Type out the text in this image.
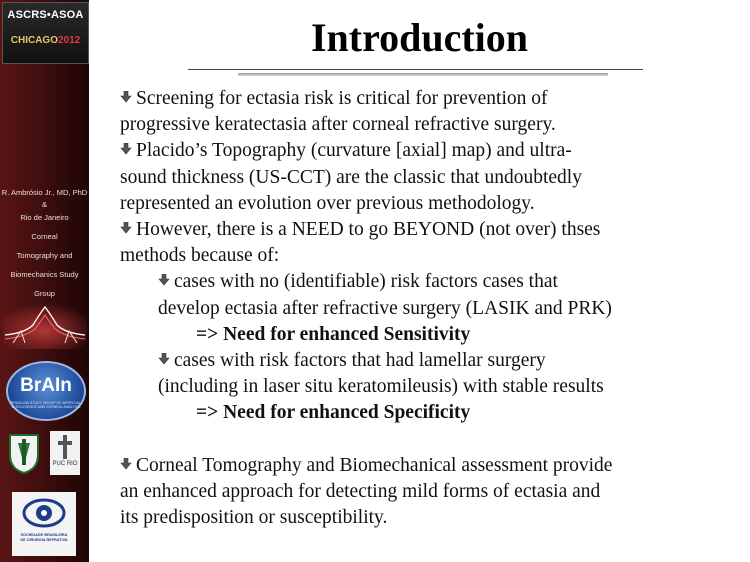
ASCRS•ASOA
CHICAGO2012
R. Ambrósio Jr., MD, PhD
&
Rio de Janeiro
Corneal
Tomography and
Biomechanics Study
Group
BrAIn
BRAZILIAN STUDY GROUP OF ARTIFICIAL INTELLIGENCE AND CORNEAL ANALYSIS
PUC RIO
SOCIEDADE BRASILEIRA
DE CIRURGIA REFRATIVA
Introduction

Screening for ectasia risk is critical for prevention of

progressive keratectasia after corneal refractive surgery.

Placido’s Topography (curvature [axial] map) and ultra-

sound thickness (US-CCT) are the classic that undoubtedly

represented an evolution over previous methodology.

However, there is a NEED to go BEYOND (not over) thses

methods because of:

cases with no (identifiable) risk factors cases that

develop ectasia after refractive surgery (LASIK and PRK)

=> Need for enhanced Sensitivity

cases with risk factors that had lamellar surgery

(including in laser situ keratomileusis) with stable results

=> Need for enhanced Specificity

Corneal Tomography and Biomechanical assessment provide

an enhanced approach for detecting mild forms of ectasia and

its predisposition or susceptibility.
